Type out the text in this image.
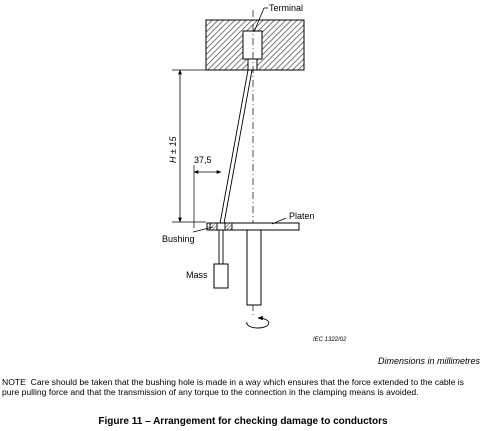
Terminal
H ± 15 37,5
Platen
Bushing
Mass
IEC 1322/02
Dimensions in millimetres
NOTE Care should be taken that the bushing hole is made in a way which ensures that the force extended to the cable is pure pulling force and that the transmission of any torque to the connection in the clamping means is avoided.
Figure 11 – Arrangement for checking damage to conductors
